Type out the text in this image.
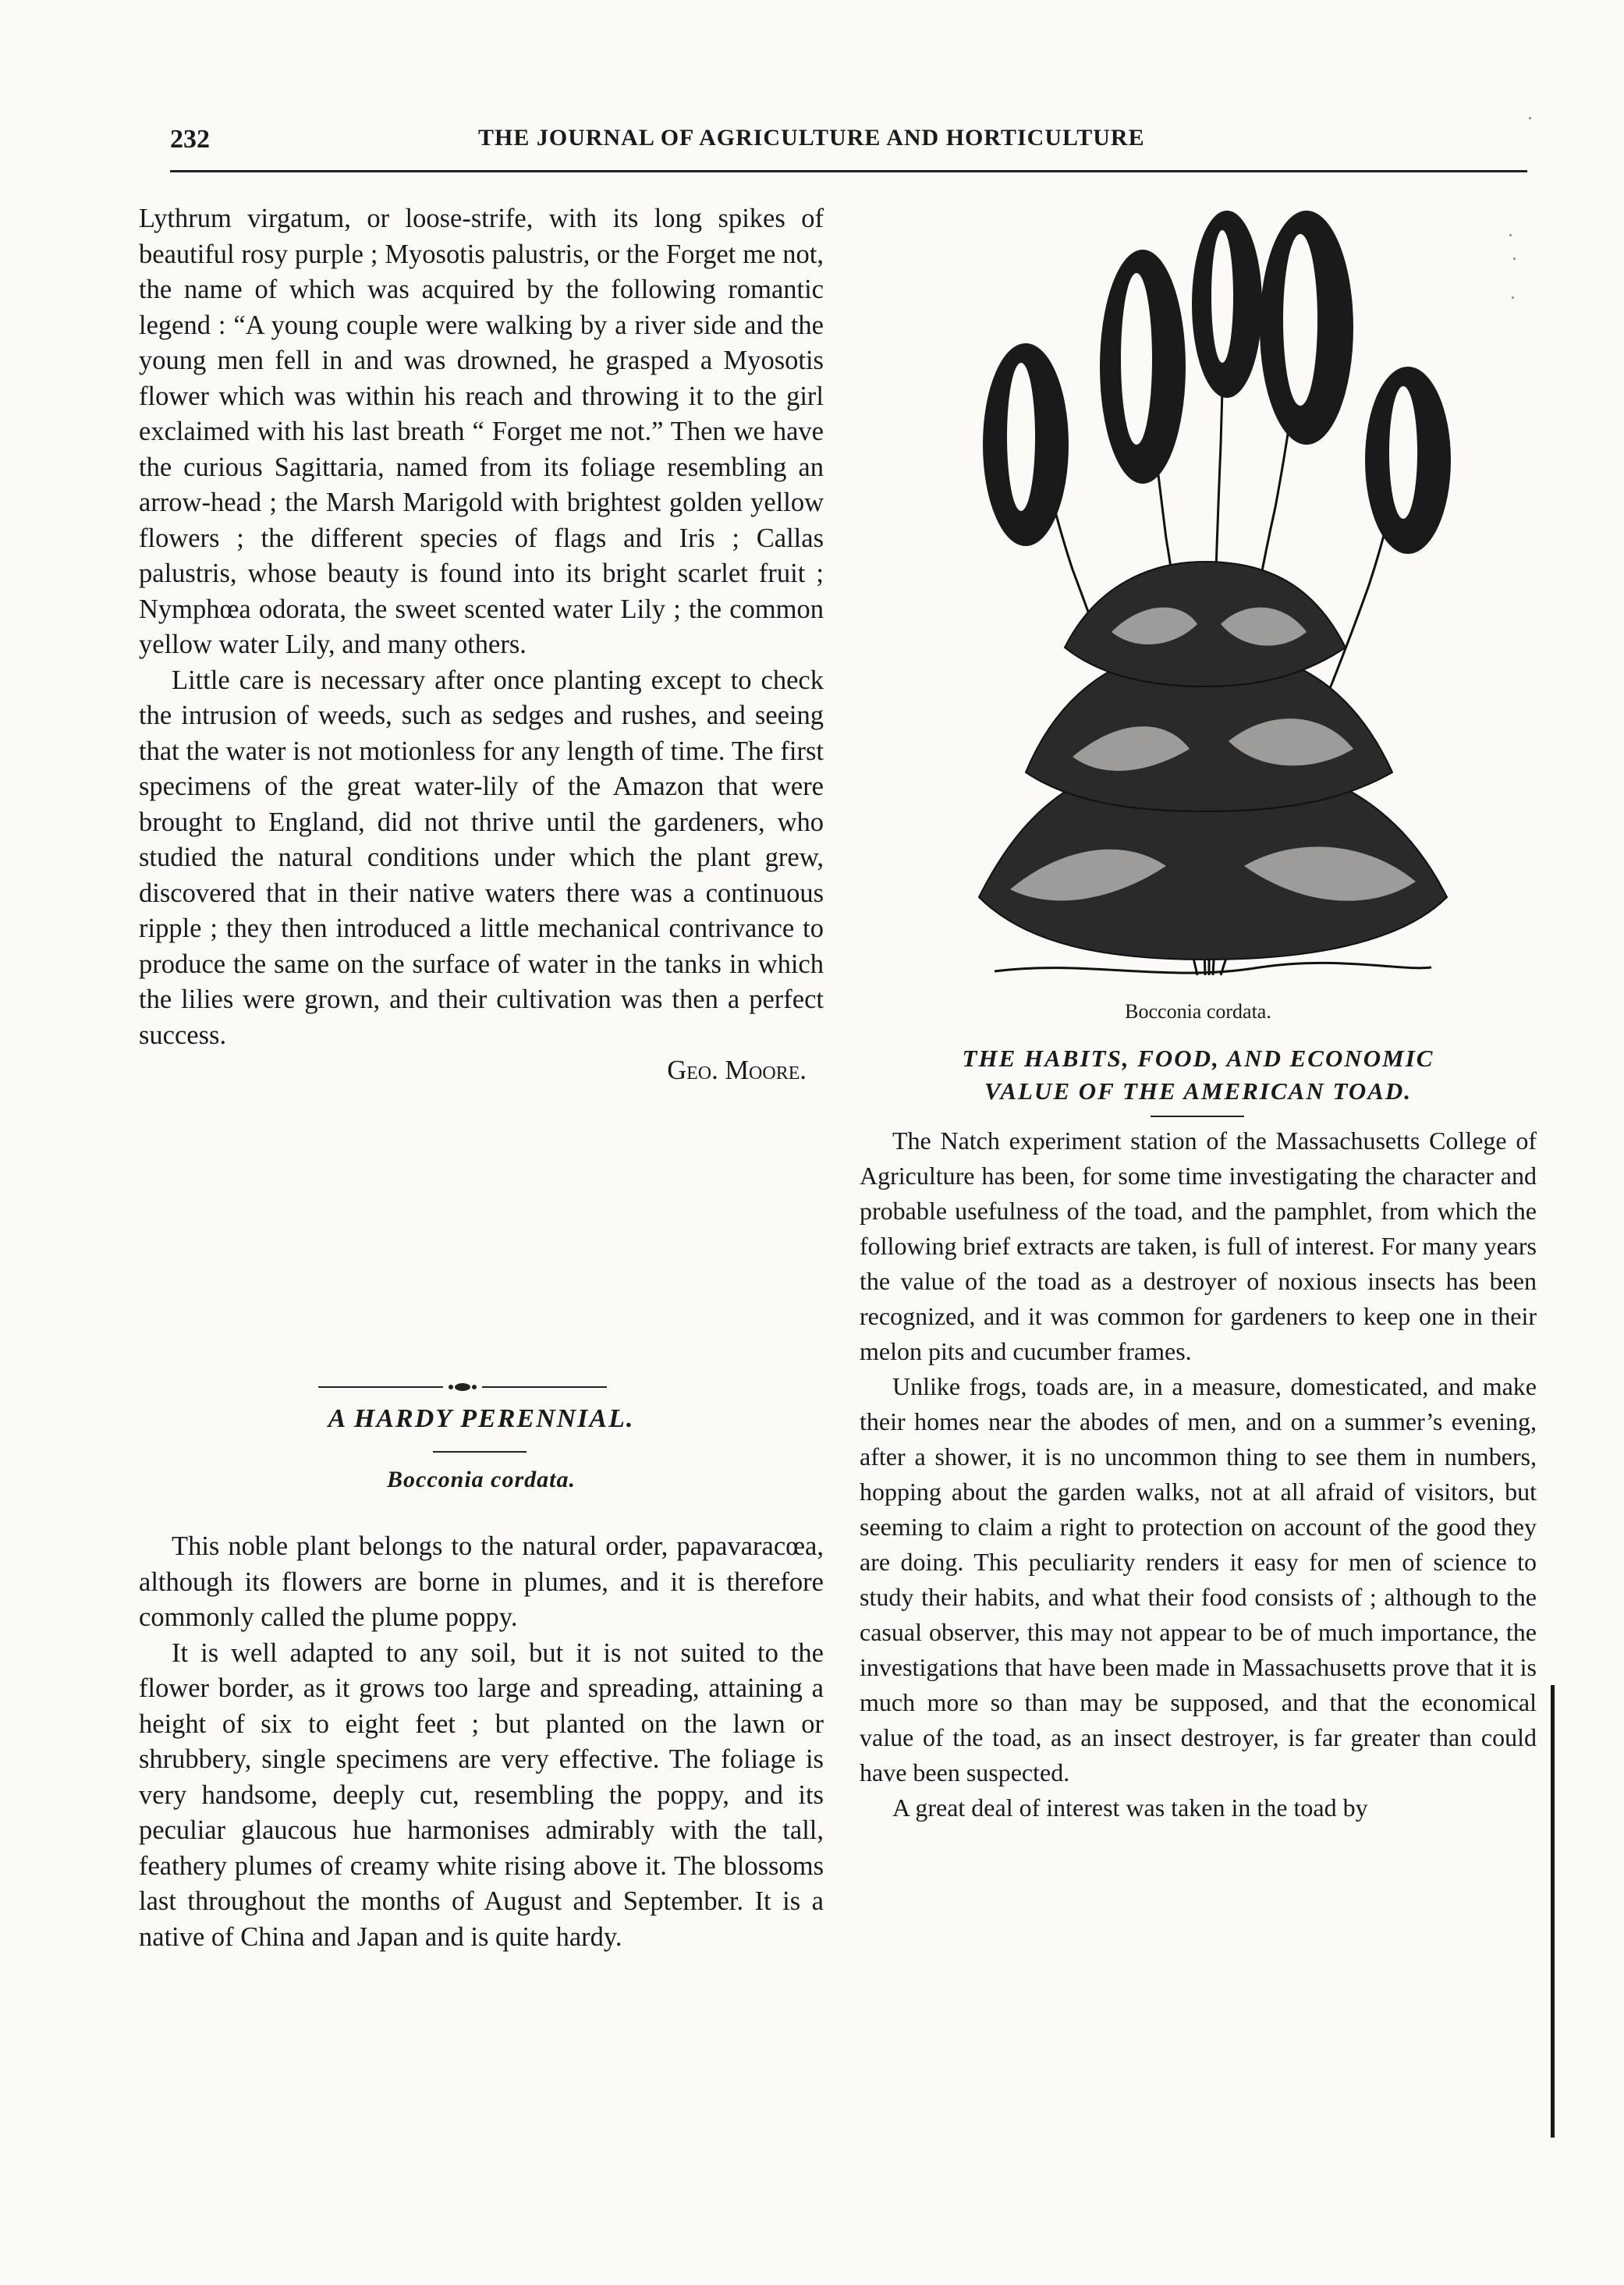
232	THE JOURNAL OF AGRICULTURE AND HORTICULTURE

Lythrum virgatum, or loose-strife, with its long spikes of beautiful rosy purple ; Myosotis palustris, or the Forget me not, the name of which was acquired by the following romantic legend : “A young couple were walking by a river side and the young men fell in and was drowned, he grasped a Myosotis flower which was within his reach and throwing it to the girl exclaimed with his last breath “ Forget me not.” Then we have the curious Sagittaria, named from its foliage resembling an arrow-head ; the Marsh Marigold with brightest golden yellow flowers ; the different species of flags and Iris ; Callas palustris, whose beauty is found into its bright scarlet fruit ; Nymphœa odorata, the sweet scented water Lily ; the common yellow water Lily, and many others.

Little care is necessary after once planting except to check the intrusion of weeds, such as sedges and rushes, and seeing that the water is not motionless for any length of time. The first specimens of the great water-lily of the Amazon that were brought to England, did not thrive until the gardeners, who studied the natural conditions under which the plant grew, discovered that in their native waters there was a continuous ripple ; they then introduced a little mechanical contrivance to produce the same on the surface of water in the tanks in which the lilies were grown, and their cultivation was then a perfect success.

Geo. Moore.

A HARDY PERENNIAL.
Bocconia cordata.

This noble plant belongs to the natural order, papavaracœa, although its flowers are borne in plumes, and it is therefore commonly called the plume poppy.

It is well adapted to any soil, but it is not suited to the flower border, as it grows too large and spreading, attaining a height of six to eight feet ; but planted on the lawn or shrubbery, single specimens are very effective. The foliage is very handsome, deeply cut, resembling the poppy, and its peculiar glaucous hue harmonises admirably with the tall, feathery plumes of creamy white rising above it. The blossoms last throughout the months of August and September. It is a native of China and Japan and is quite hardy.

Bocconia cordata.
THE HABITS, FOOD, AND ECONOMIC
VALUE OF THE AMERICAN TOAD.

The Natch experiment station of the Massachusetts College of Agriculture has been, for some time investigating the character and probable usefulness of the toad, and the pamphlet, from which the following brief extracts are taken, is full of interest. For many years the value of the toad as a destroyer of noxious insects has been recognized, and it was common for gardeners to keep one in their melon pits and cucumber frames.

Unlike frogs, toads are, in a measure, domesticated, and make their homes near the abodes of men, and on a summer’s evening, after a shower, it is no uncommon thing to see them in numbers, hopping about the garden walks, not at all afraid of visitors, but seeming to claim a right to protection on account of the good they are doing. This peculiarity renders it easy for men of science to study their habits, and what their food consists of ; although to the casual observer, this may not appear to be of much importance, the investigations that have been made in Massachusetts prove that it is much more so than may be supposed, and that the economical value of the toad, as an insect destroyer, is far greater than could have been suspected.

A great deal of interest was taken in the toad by
